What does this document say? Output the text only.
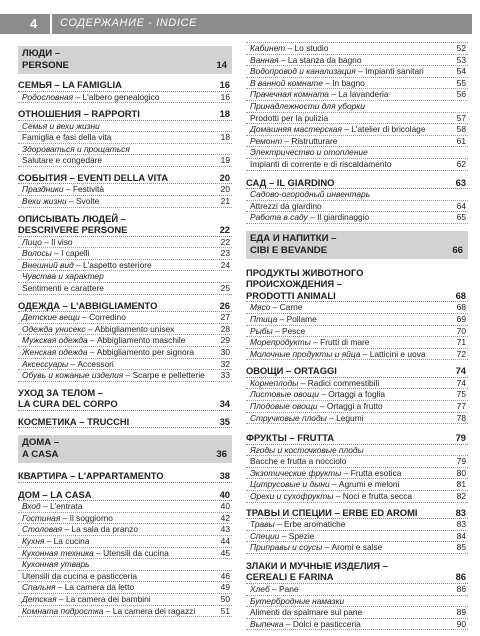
4 СОДЕРЖАНИЕ - INDICE
ЛЮДИ –
PERSONE	14
СЕМЬЯ – LA FAMIGLIA	16
Родословная – L'albero genealogico	16
ОТНОШЕНИЯ – RAPPORTI	18
Семья и вехи жизни
Famiglia e fasi della vita	18
Здороваться и прощаться
Salutare e congedare	19
СОБЫТИЯ – EVENTI DELLA VITA	20
Праздники – Festività	20
Вехи жизни – Svolte	21
ОПИСЫВАТЬ ЛЮДЕЙ –
DESCRIVERE PERSONE	22
Лицо – Il viso	22
Волосы – I capelli	23
Внешний вид – L'aspetto esteriore	24
Чувства и характер
Sentimenti e carattere	25
ОДЕЖДА – L'ABBIGLIAMENTO	26
Детские вещи – Corredino	27
Одежда унисекс – Abbigliamento unisex	28
Мужская одежда – Abbigliamento maschile	29
Женская одежда – Abbigliamento per signora	30
Аксессуары – Accessori	32
Обувь и кожаные изделия – Scarpe e pelletterie 33
УХОД ЗА ТЕЛОМ –
LA CURA DEL CORPO	34
КОСМЕТИКА – TRUCCHI	35
ДОМА –
A CASA	36
КВАРТИРА – L'APPARTAMENTO	38
ДОМ – LA CASA	40
Вход – L'entrata	40
Гостиная – Il soggiorno	42
Столовая – La sala da pranzo	43
Кухня – La cucina	44
Кухонная техника – Utensili da cucina	45
Кухонная утварь
Utensili da cucina e pasticceria	46
Спальня – La camera da letto	49
Детская – La camera dei bambini	50
Комната подростка – La camera dei ragazzi	51
Кабинет – Lo studio	52
Ванная – La stanza da bagno	53
Водопровод и канализация – Impianti sanitari	54
В ванной комнате – In bagno	55
Прачечная комната – La lavanderia	56
Принадлежности для уборки
Prodotti per la pulizia	57
Домашняя мастерская – L'atelier di bricolage	58
Ремонт – Ristrutturare	61
Электричество и отопление
Impianti di corrente e di riscaldamento	62
САД – IL GIARDINO	63
Садово-огородный инвентарь
Attrezzi da giardino	64
Работа в саду – Il giardinaggio	65
ЕДА И НАПИТКИ –
CIBI E BEVANDE	66
ПРОДУКТЫ ЖИВОТНОГО ПРОИСХОЖДЕНИЯ –
PRODOTTI ANIMALI	68
Мясо – Carne	68
Птица – Pollame	69
Рыбы – Pesce	70
Морепродукты – Frutti di mare	71
Молочные продукты и яйца – Latticini e uova	72
ОВОЩИ – ORTAGGI	74
Корнеплоды – Radici commestibili	74
Листовые овощи – Ortaggi a foglia	75
Плодовые овощи – Ortaggi a frutto	77
Стручковые плоды – Legumi	78
ФРУКТЫ – FRUTTA	79
Ягоды и косточковые плоды
Bacche e frutta a nocciolo	79
Экзотические фрукты – Frutta esotica	80
Цитрусовые и дыни – Agrumi e meloni	81
Орехи и сухофрукты – Noci e frutta secca	82
ТРАВЫ И СПЕЦИИ – ERBE ED AROMI	83
Травы – Erbe aromatiche	83
Специи – Spezie	84
Приправы и соусы – Aromi e salse	85
ЗЛАКИ И МУЧНЫЕ ИЗДЕЛИЯ –
CEREALI E FARINA	86
Хлеб – Pane	86
Бутербродные намазки
Alimenti da spalmare sul pane	89
Выпечка – Dolci e pasticceria	90
